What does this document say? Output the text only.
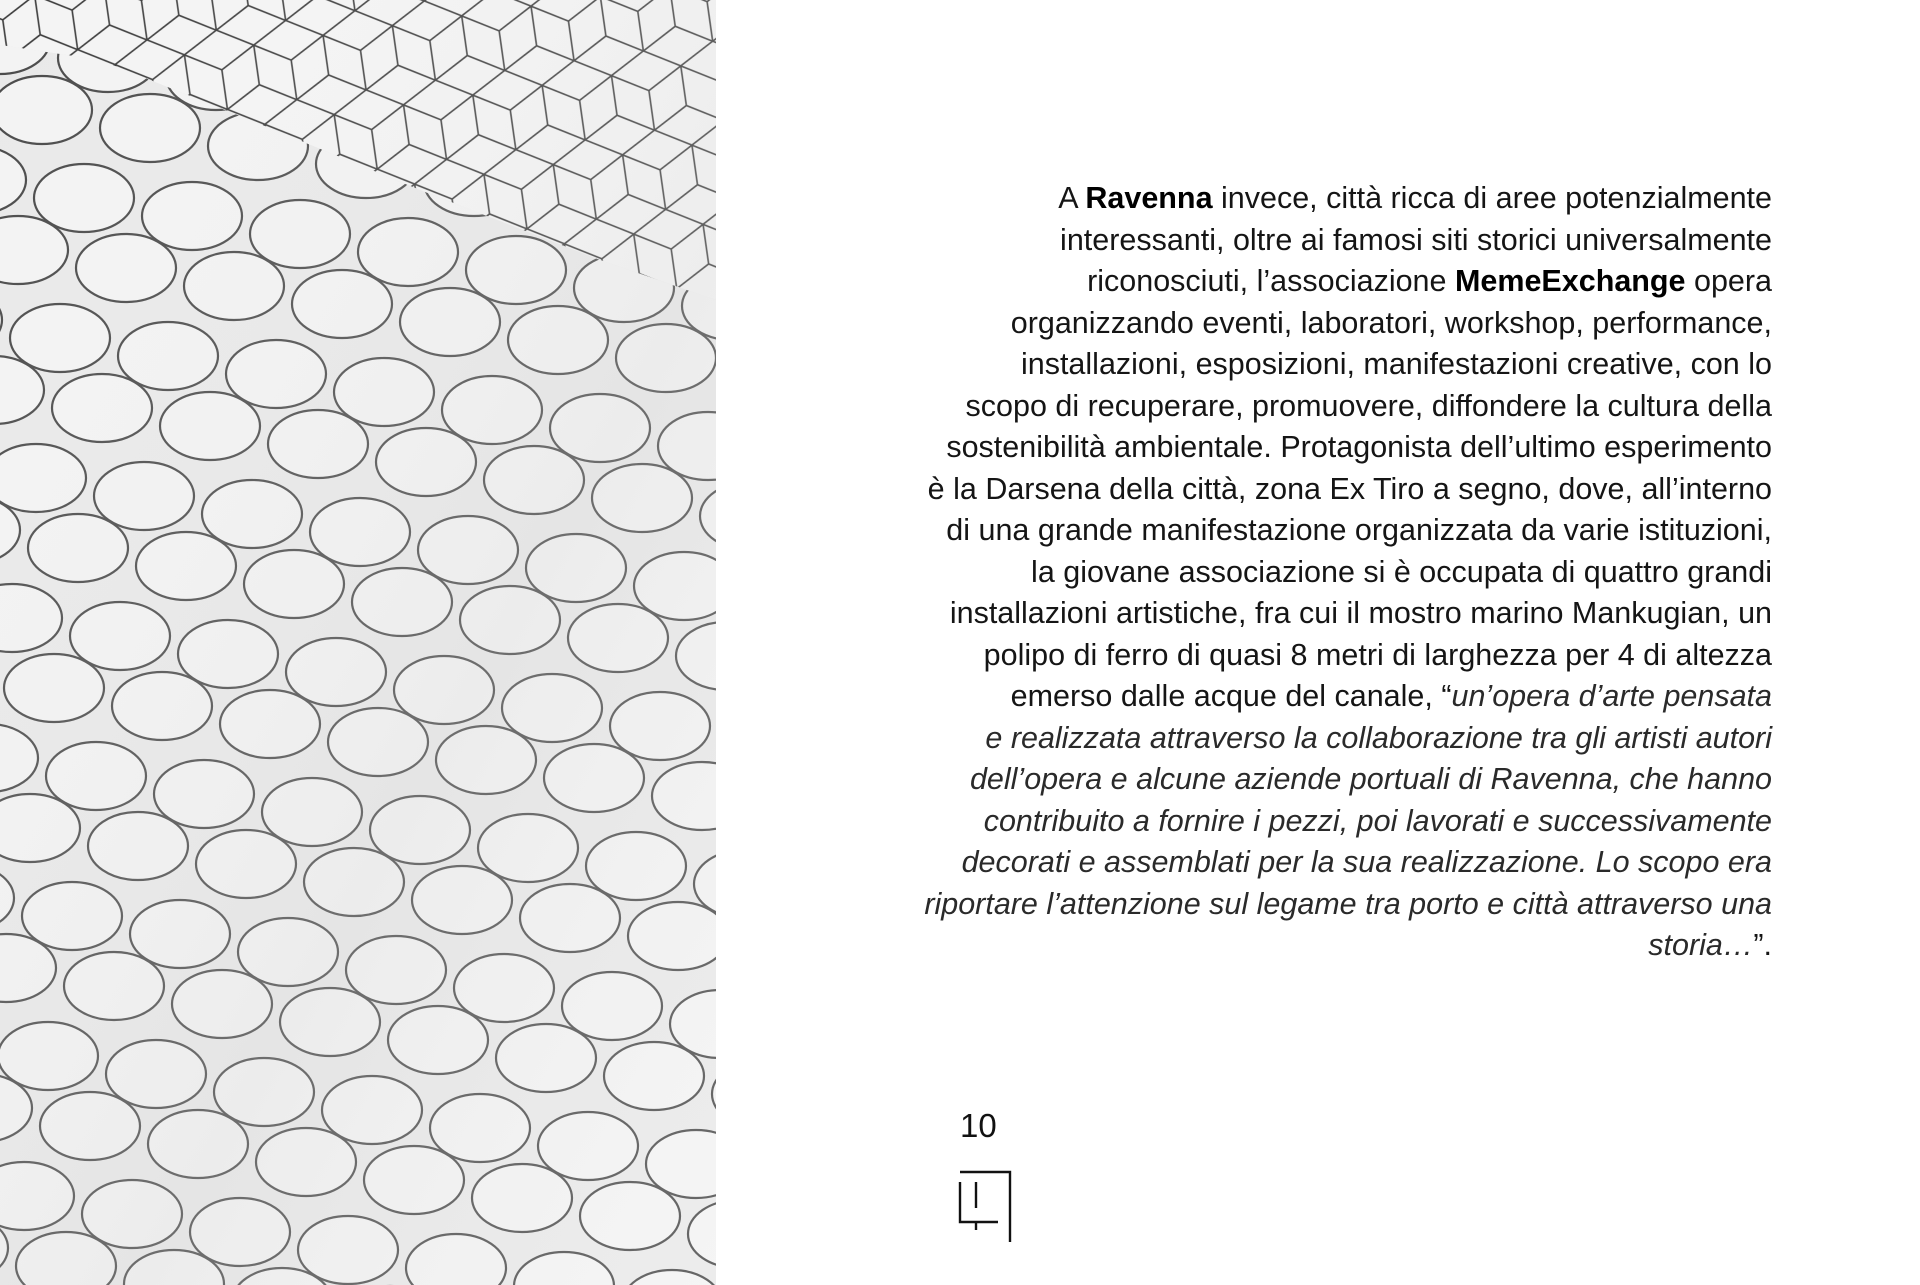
A Ravenna invece, città ricca di aree potenzialmente
interessanti, oltre ai famosi siti storici universalmente
riconosciuti, l’associazione MemeExchange opera
organizzando eventi, laboratori, workshop, performance,
installazioni, esposizioni, manifestazioni creative, con lo
scopo di recuperare, promuovere, diffondere la cultura della
sostenibilità ambientale. Protagonista dell’ultimo esperimento
è la Darsena della città, zona Ex Tiro a segno, dove, all’interno
di una grande manifestazione organizzata da varie istituzioni,
la giovane associazione si è occupata di quattro grandi
installazioni artistiche, fra cui il mostro marino Mankugian, un
polipo di ferro di quasi 8 metri di larghezza per 4 di altezza
emerso dalle acque del canale, “un’opera d’arte pensata
e realizzata attraverso la collaborazione tra gli artisti autori
dell’opera e alcune aziende portuali di Ravenna, che hanno
contribuito a fornire i pezzi, poi lavorati e successivamente
decorati e assemblati per la sua realizzazione. Lo scopo era
riportare l’attenzione sul legame tra porto e città attraverso una
storia…”.
10
